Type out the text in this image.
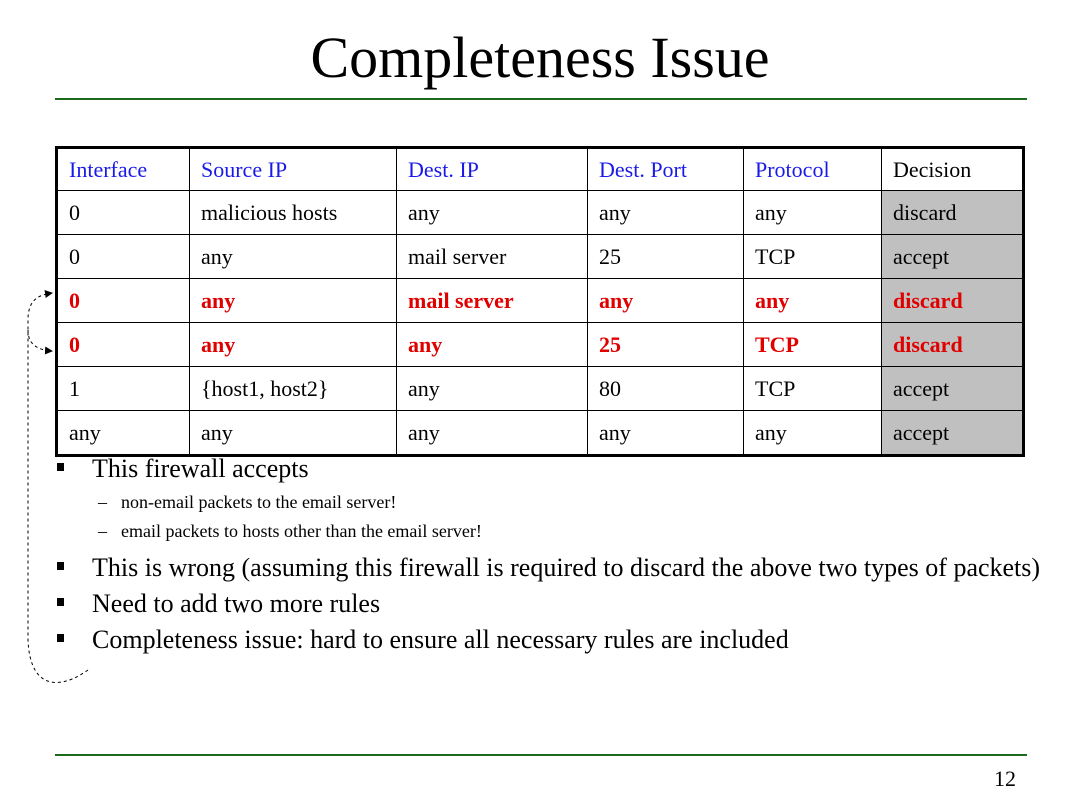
Completeness Issue
Interface	Source IP	Dest. IP	Dest. Port	Protocol	Decision
0	malicious hosts	any	any	any	discard
0	any	mail server	25	TCP	accept
0	any	mail server	any	any	discard
0	any	any	25	TCP	discard
1	{host1, host2}	any	80	TCP	accept
any	any	any	any	any	accept
This firewall accepts
– non-email packets to the email server!
– email packets to hosts other than the email server!
This is wrong (assuming this firewall is required to discard the above two types of packets)
Need to add two more rules
Completeness issue: hard to ensure all necessary rules are included
12
